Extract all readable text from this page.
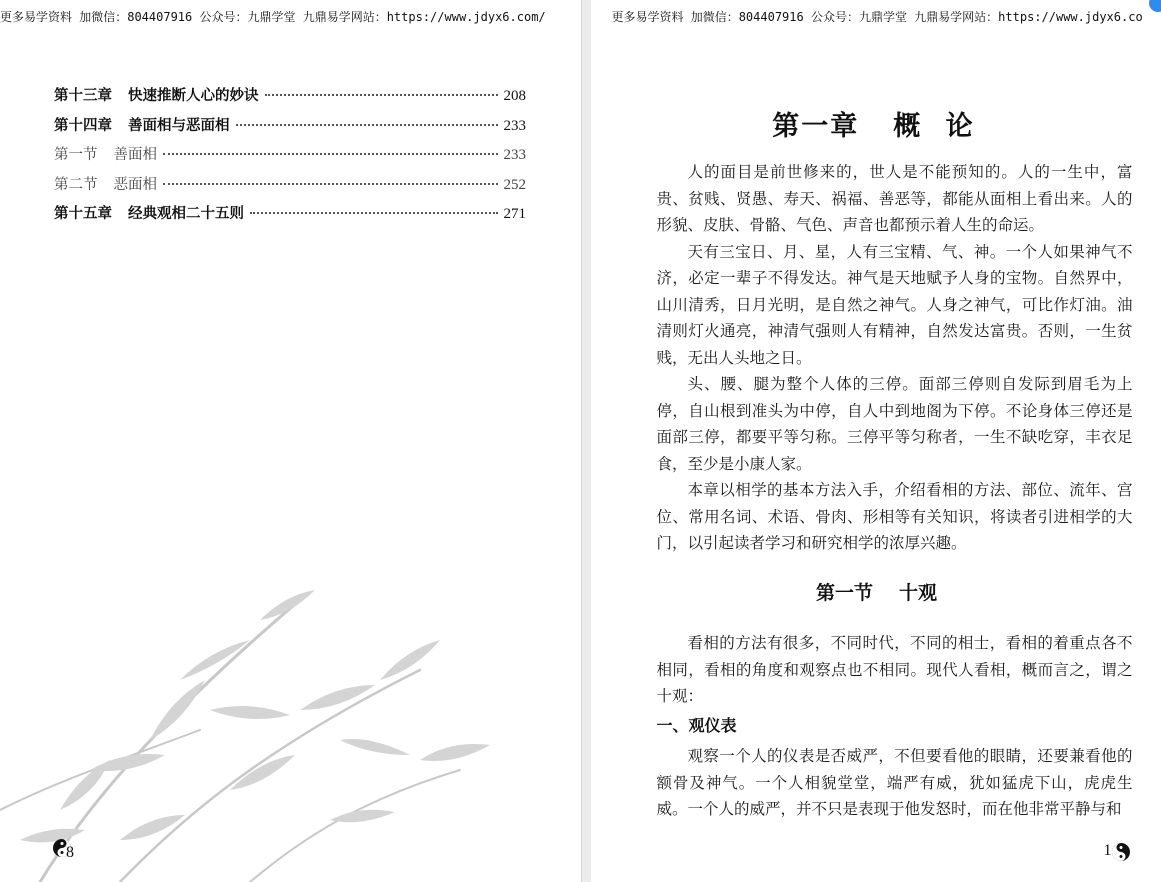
更多易学资料 加微信：804407916 公众号：九鼎学堂 九鼎易学网站：https://www.jdyx6.com/
第十三章 快速推断人心的妙诀	208
第十四章 善面相与恶面相	233
第一节 善面相	233
第二节 恶面相	252
第十五章 经典观相二十五则	271
8
更多易学资料 加微信：804407916 公众号：九鼎学堂 九鼎易学网站：https://www.jdyx6.co
第一章 概 论

人的面目是前世修来的，世人是不能预知的。人的一生中，富贵、贫贱、贤愚、寿天、祸福、善恶等，都能从面相上看出来。人的形貌、皮肤、骨骼、气色、声音也都预示着人生的命运。

天有三宝日、月、星，人有三宝精、气、神。一个人如果神气不济，必定一辈子不得发达。神气是天地赋予人身的宝物。自然界中，山川清秀，日月光明，是自然之神气。人身之神气，可比作灯油。油清则灯火通亮，神清气强则人有精神，自然发达富贵。否则，一生贫贱，无出人头地之日。

头、腰、腿为整个人体的三停。面部三停则自发际到眉毛为上停，自山根到准头为中停，自人中到地阁为下停。不论身体三停还是面部三停，都要平等匀称。三停平等匀称者，一生不缺吃穿，丰衣足食，至少是小康人家。

本章以相学的基本方法入手，介绍看相的方法、部位、流年、宫位、常用名词、术语、骨肉、形相等有关知识，将读者引进相学的大门，以引起读者学习和研究相学的浓厚兴趣。

第一节 十观

看相的方法有很多，不同时代，不同的相士，看相的着重点各不相同，看相的角度和观察点也不相同。现代人看相，概而言之，谓之十观：

一、观仪表

观察一个人的仪表是否威严，不但要看他的眼睛，还要兼看他的额骨及神气。一个人相貌堂堂，端严有威，犹如猛虎下山，虎虎生威。一个人的威严，并不只是表现于他发怒时，而在他非常平静与和

1
